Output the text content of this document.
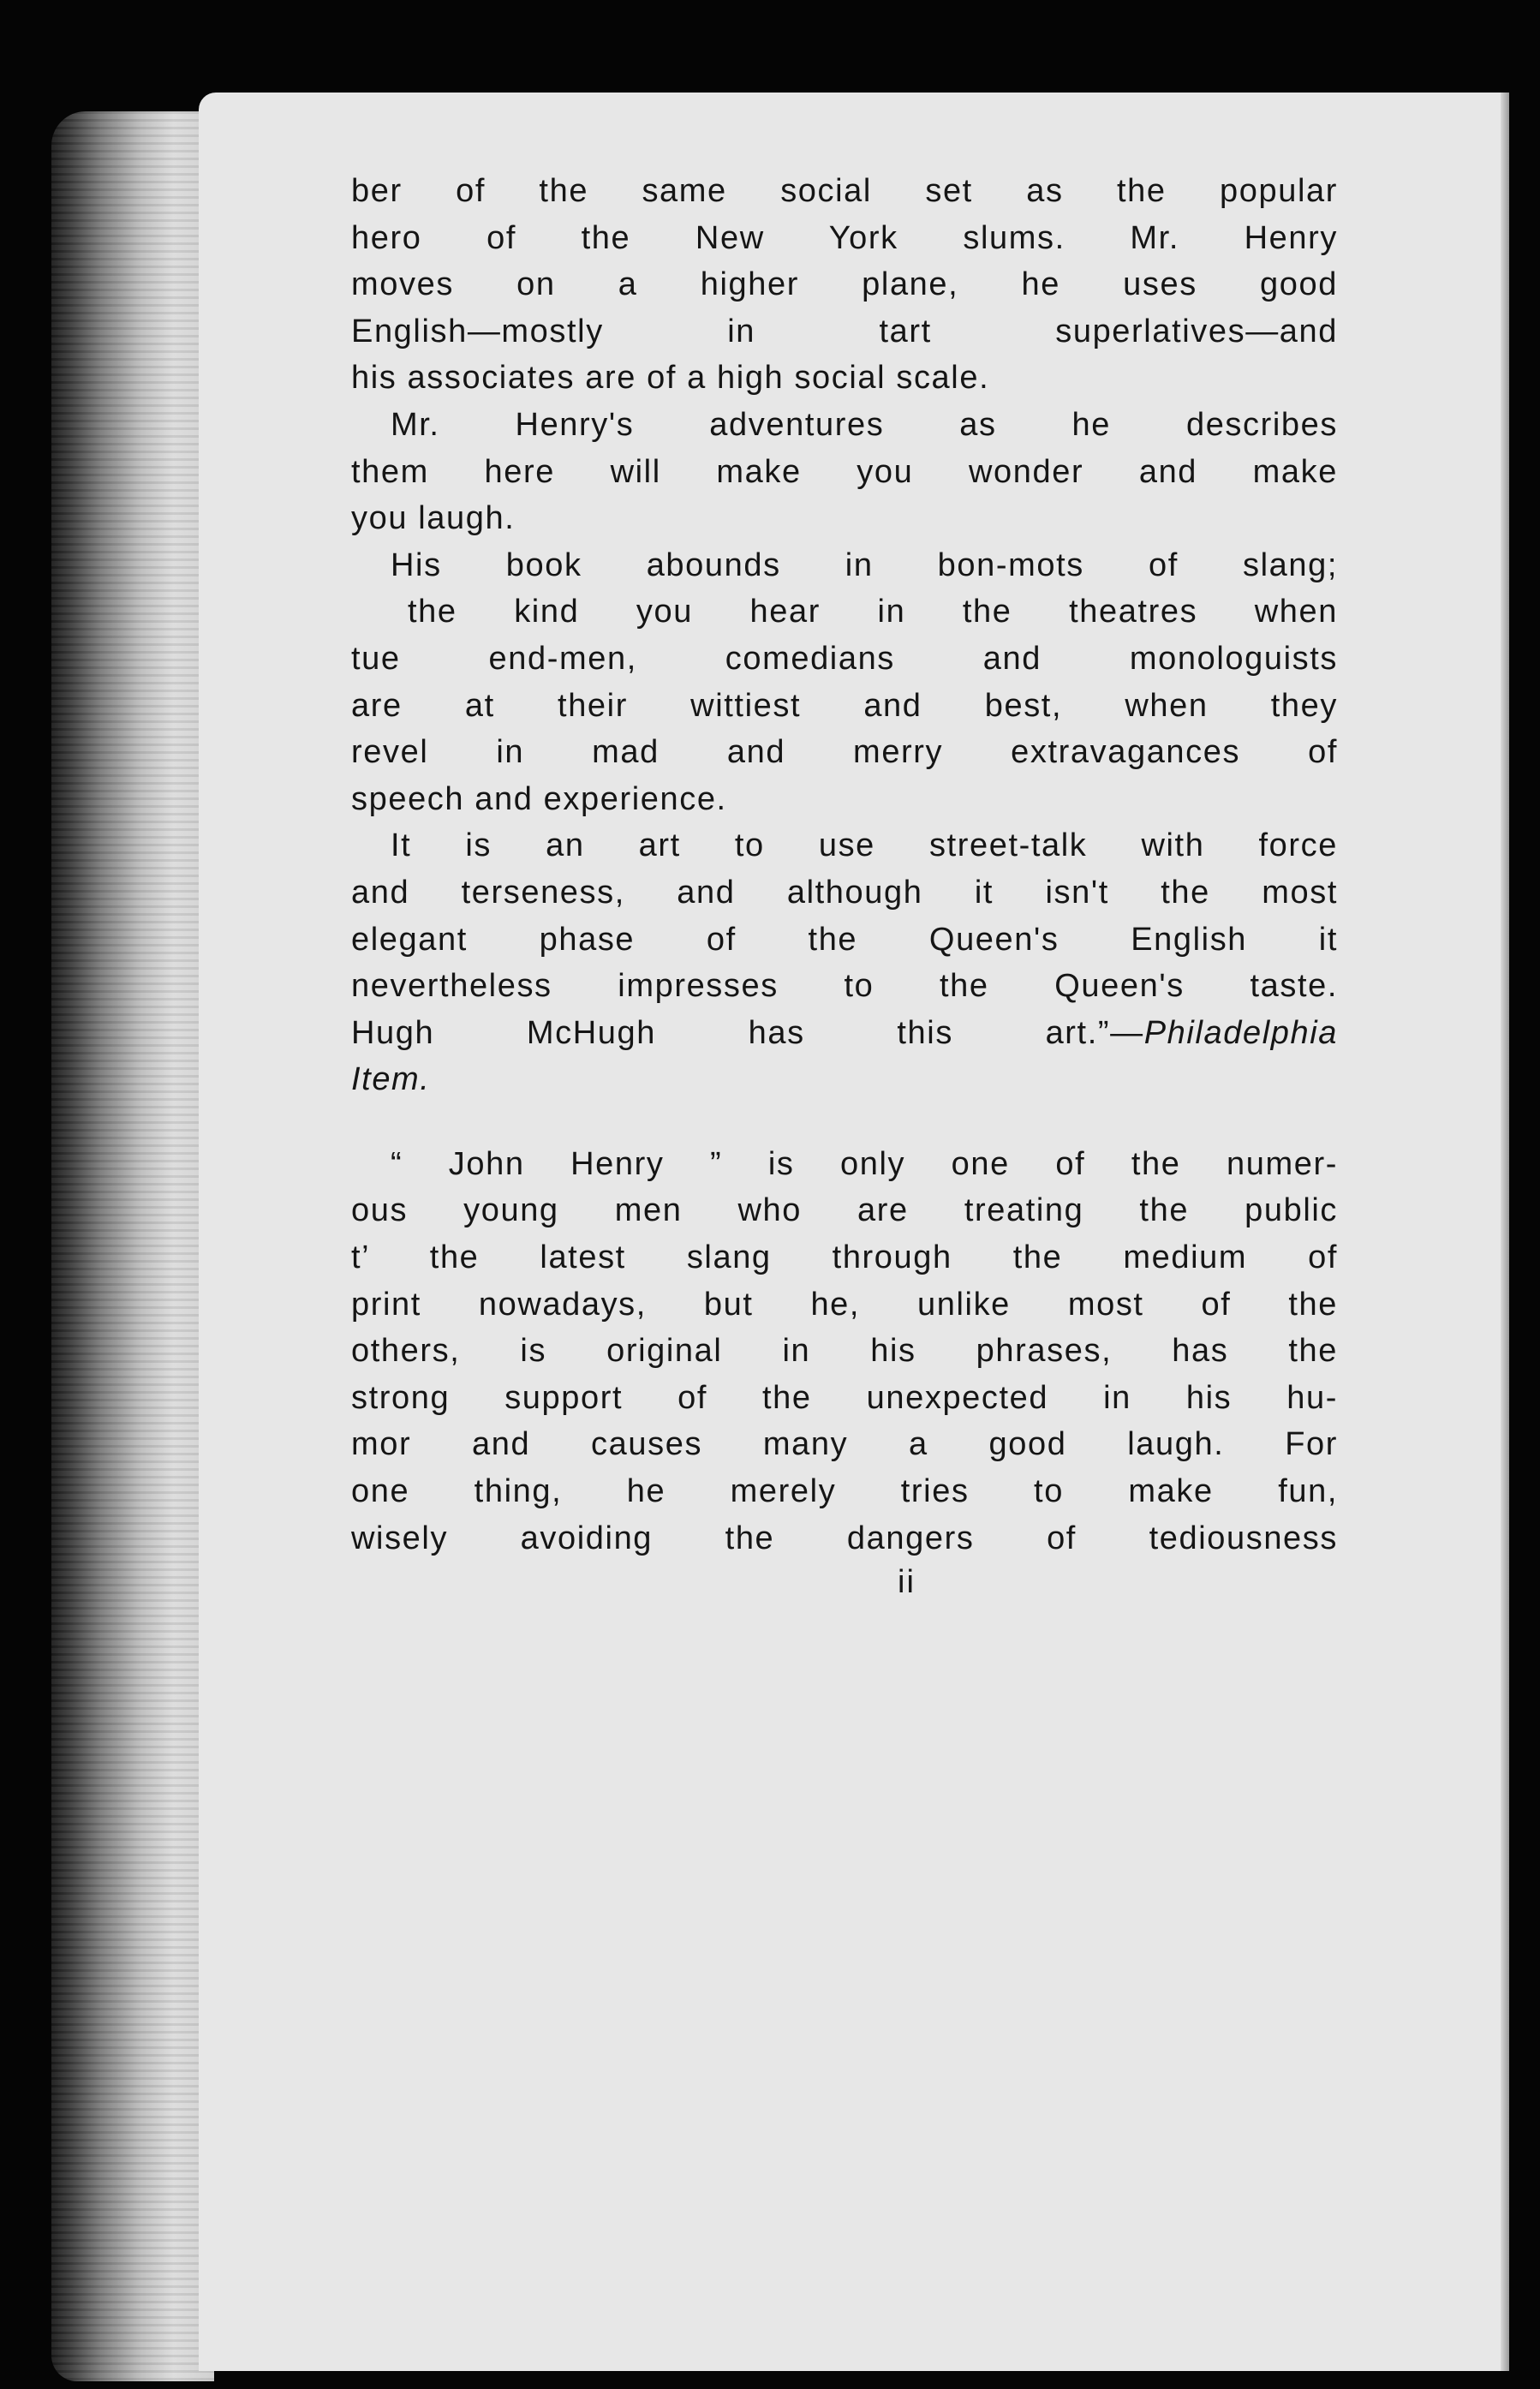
ber of the same social set as the popular
hero of the New York slums. Mr. Henry
moves on a higher plane, he uses good
English—mostly in tart superlatives—and
his associates are of a high social scale.
Mr. Henry's adventures as he describes
them here will make you wonder and make
you laugh.
His book abounds in bon-mots of slang;
the kind you hear in the theatres when
tue end-men, comedians and monologuists
are at their wittiest and best, when they
revel in mad and merry extravagances of
speech and experience.
It is an art to use street-talk with force
and terseness, and although it isn't the most
elegant phase of the Queen's English it
nevertheless impresses to the Queen's taste.
Hugh McHugh has this art.”—Philadelphia
Item.
“ John Henry ” is only one of the numer-
ous young men who are treating the public
t’ the latest slang through the medium of
print nowadays, but he, unlike most of the
others, is original in his phrases, has the
strong support of the unexpected in his hu-
mor and causes many a good laugh. For
one thing, he merely tries to make fun,
wisely avoiding the dangers of tediousness
ii
